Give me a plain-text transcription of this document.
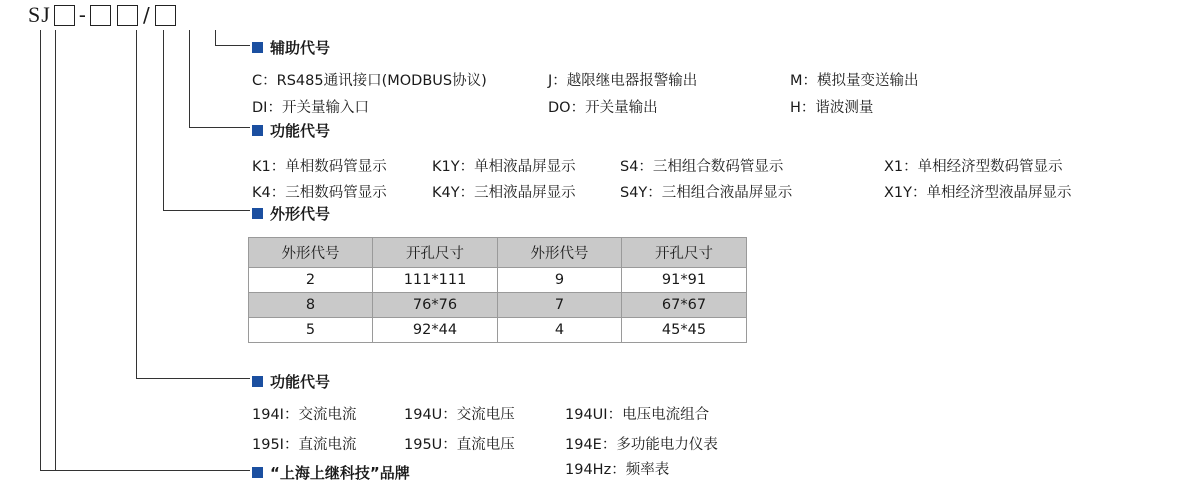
SJ -	/
辅助代号
C：RS485通讯接口(MODBUS协议)	J：越限继电器报警输出	M：模拟量变送输出
DI：开关量输入口	DO：开关量输出	H：谐波测量
功能代号
K1：单相数码管显示	K1Y：单相液晶屏显示	S4：三相组合数码管显示	X1：单相经济型数码管显示
K4：三相数码管显示	K4Y：三相液晶屏显示	S4Y：三相组合液晶屏显示	X1Y：单相经济型液晶屏显示
外形代号
外形代号	开孔尺寸	外形代号	开孔尺寸
2	111*111	9	91*91
8	76*76	7	67*67
5	92*44	4	45*45
功能代号
194I：交流电流	194U：交流电压	194UI：电压电流组合
195I：直流电流	195U：直流电压	194E：多功能电力仪表
194Hz：频率表
“上海上继科技”品牌
